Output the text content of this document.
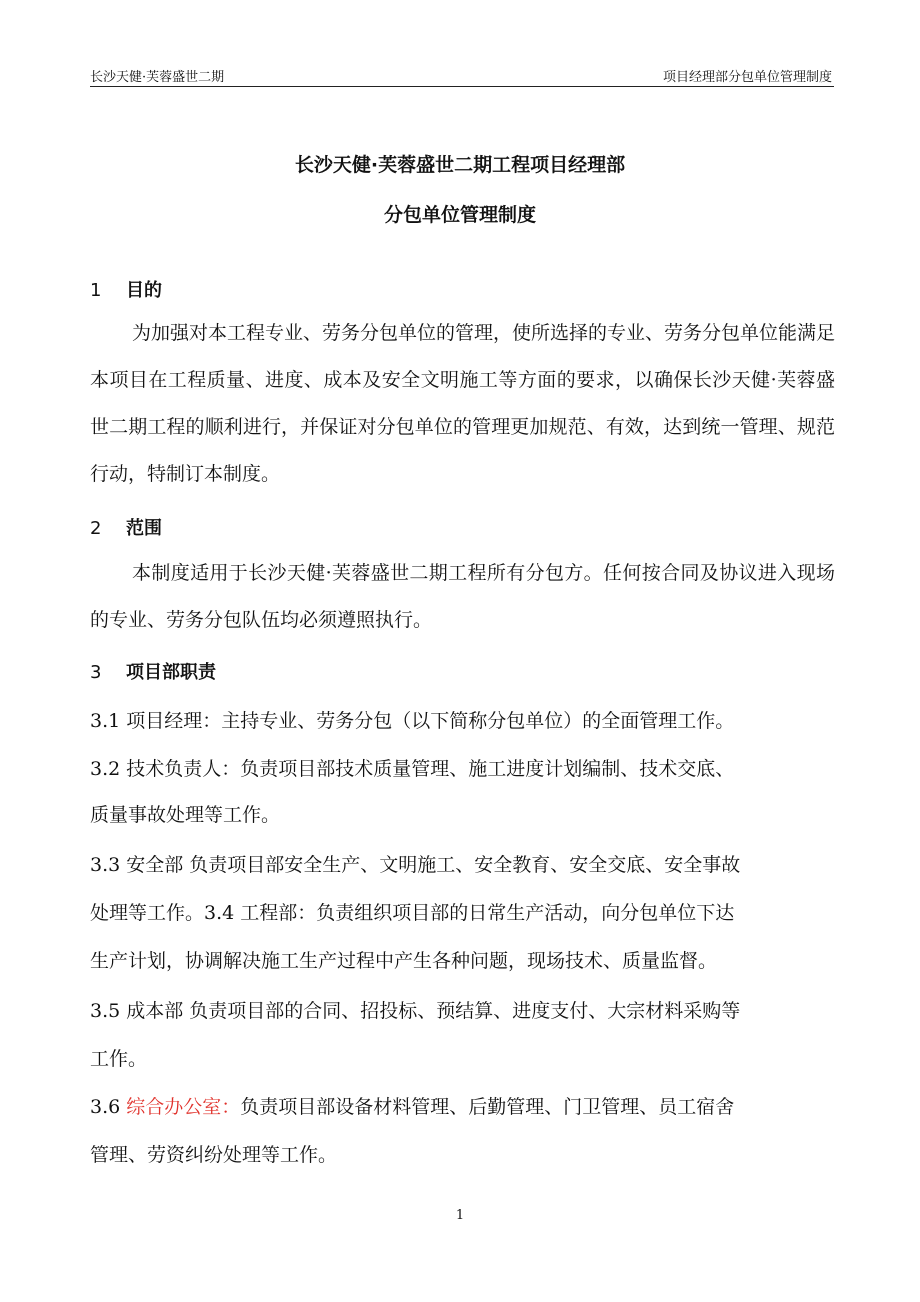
长沙天健·芙蓉盛世二期	项目经理部分包单位管理制度
长沙天健·芙蓉盛世二期工程项目经理部
分包单位管理制度
1 目的

为加强对本工程专业、劳务分包单位的管理，使所选择的专业、劳务分包单位能满足本项目在工程质量、进度、成本及安全文明施工等方面的要求，以确保长沙天健·芙蓉盛世二期工程的顺利进行，并保证对分包单位的管理更加规范、有效，达到统一管理、规范行动，特制订本制度。

2 范围

本制度适用于长沙天健·芙蓉盛世二期工程所有分包方。任何按合同及协议进入现场的专业、劳务分包队伍均必须遵照执行。

3 项目部职责
3.1 项目经理：主持专业、劳务分包（以下简称分包单位）的全面管理工作。
3.2 技术负责人：负责项目部技术质量管理、施工进度计划编制、技术交底、
质量事故处理等工作。
3.3 安全部 负责项目部安全生产、文明施工、安全教育、安全交底、安全事故
处理等工作。3.4 工程部：负责组织项目部的日常生产活动，向分包单位下达
生产计划，协调解决施工生产过程中产生各种问题，现场技术、质量监督。
3.5 成本部 负责项目部的合同、招投标、预结算、进度支付、大宗材料采购等
工作。
3.6 综合办公室：负责项目部设备材料管理、后勤管理、门卫管理、员工宿舍
管理、劳资纠纷处理等工作。
1
